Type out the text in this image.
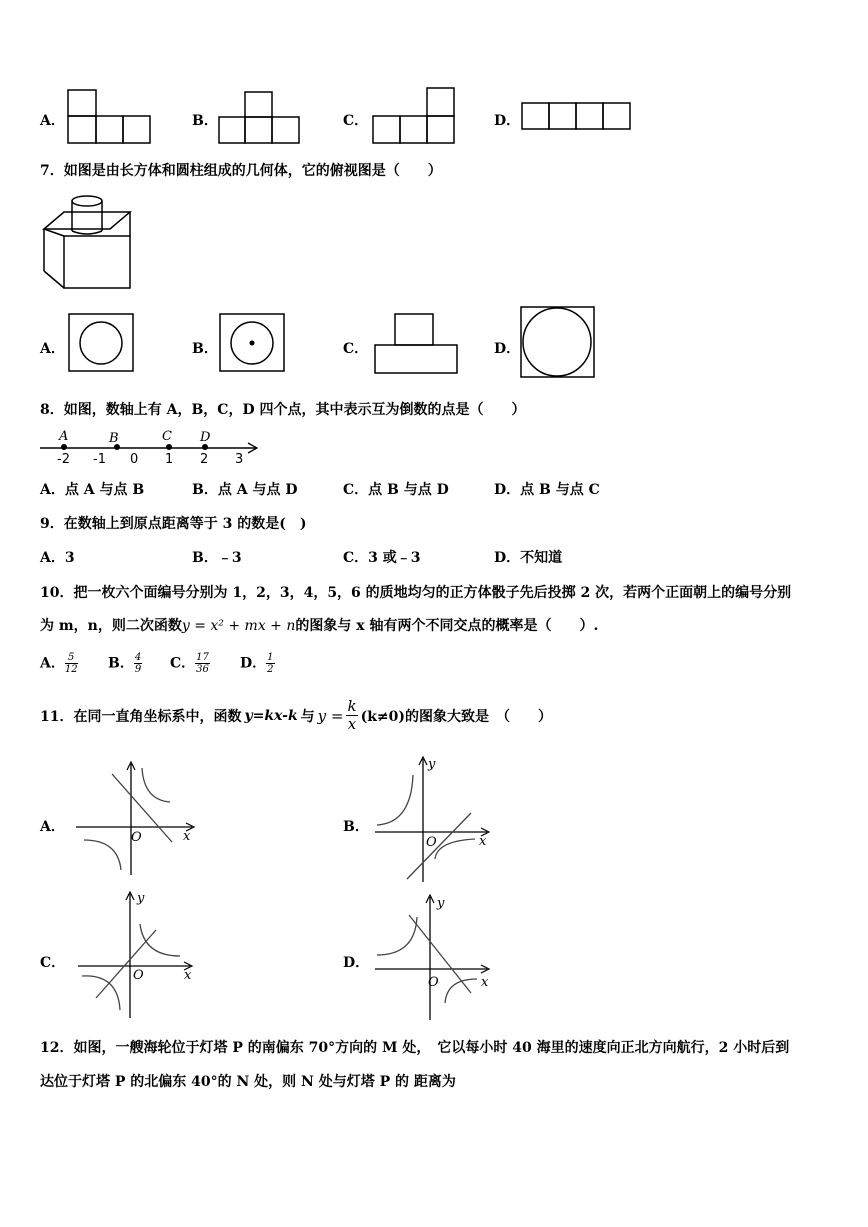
A．	B．	C．	D．
7．如图是由长方体和圆柱组成的几何体，它的俯视图是（　　）
A．	B．	C．	D．
8．如图，数轴上有 A，B，C，D 四个点，其中表示互为倒数的点是（　　）
A	B	C D
-2 -1 0 1 2 3
A．点 A 与点 B	B．点 A 与点 D	C．点 B 与点 D	D．点 B 与点 C
9．在数轴上到原点距离等于 3 的数是(　)
A．3	B．﹣3	C．3 或﹣3	D．不知道
10．把一枚六个面编号分别为 1，2，3，4，5，6 的质地均匀的正方体骰子先后投掷 2 次，若两个正面朝上的编号分别
为 m，n，则二次函数y = x² + mx + n的图象与 x 轴有两个不同交点的概率是（　　）.
A． $\frac{5}{12}$ B． $\frac{4}{9}$ C． $\frac{17}{36}$ D． $\frac{1}{2}$
11．在同一直角坐标系中，函数 y=kx-k 与 $y = \frac{k}{x} (k\ne 0)$的图象大致是　（　　）
A．
O	x
B．
y
O	x
C．
y
O	x
D．
y
O	x
12．如图，一艘海轮位于灯塔 P 的南偏东 70°方向的 M 处，　它以每小时 40 海里的速度向正北方向航行，2 小时后到
达位于灯塔 P 的北偏东 40°的 N 处，则 N 处与灯塔 P 的 距离为
